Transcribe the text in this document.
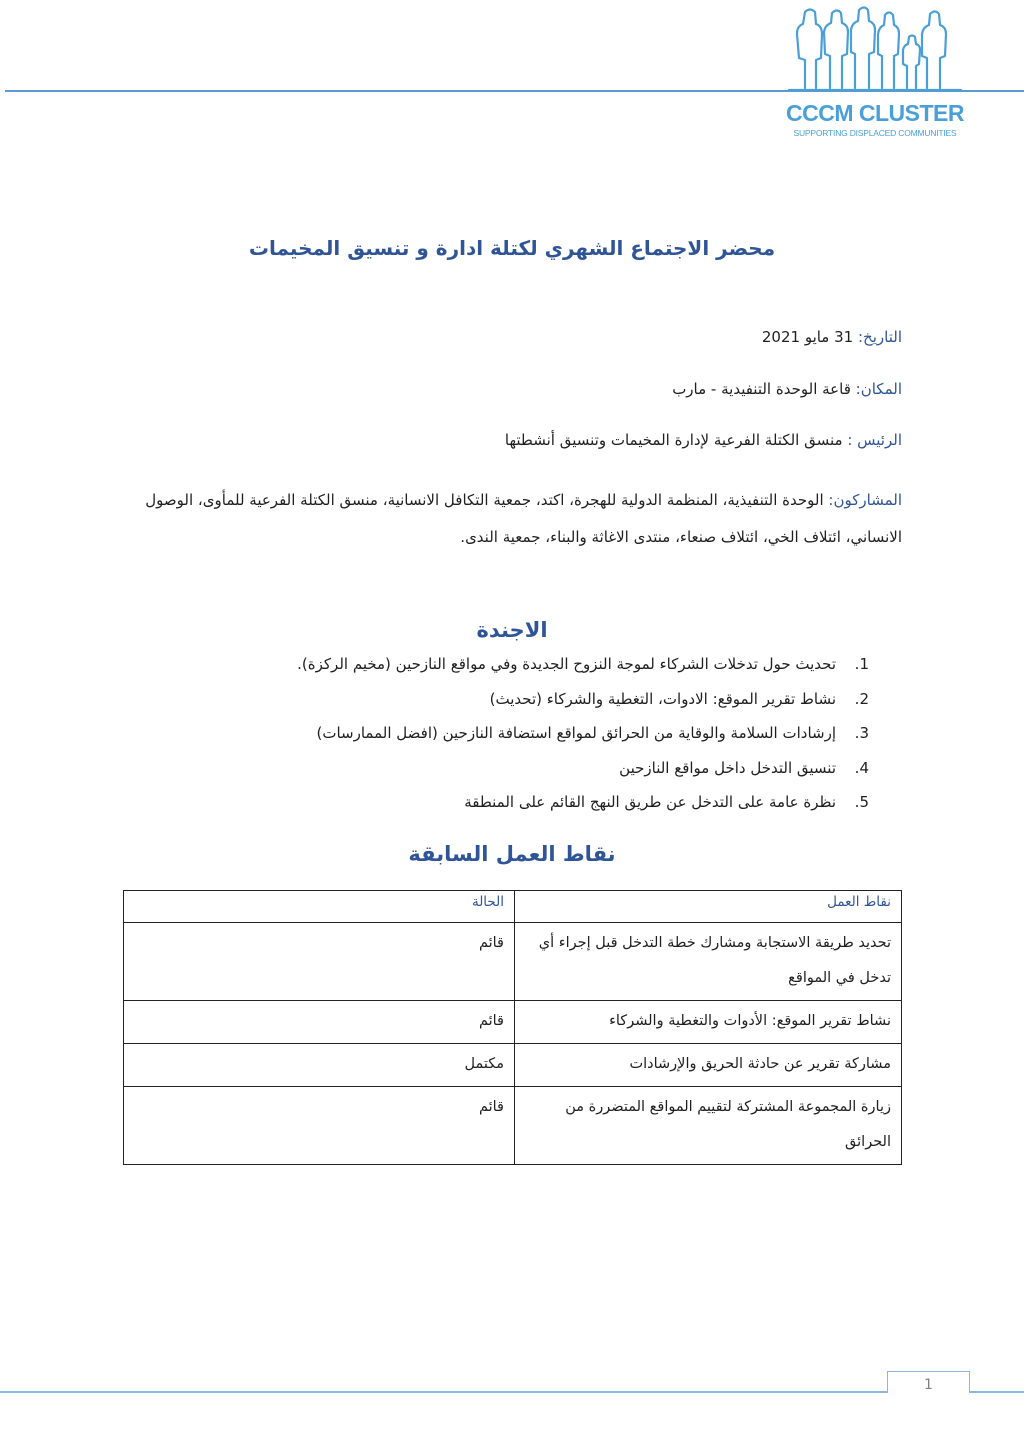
CCCM CLUSTER
SUPPORTING DISPLACED COMMUNITIES
محضر الاجتماع الشهري لكتلة ادارة و تنسيق المخيمات
التاريخ: 31 مايو 2021
المكان: قاعة الوحدة التنفيدية - مارب
الرئيس : منسق الكتلة الفرعية لإدارة المخيمات وتنسيق أنشطتها
المشاركون: الوحدة التنفيذية، المنظمة الدولية للهجرة، اكتد، جمعية التكافل الانسانية، منسق الكتلة الفرعية للمأوى، الوصول الانساني، ائتلاف الخي، ائتلاف صنعاء، منتدى الاغاثة والبناء، جمعية الندى.
الاجندة
1.
تحديث حول تدخلات الشركاء لموجة النزوح الجديدة وفي مواقع النازحين (مخيم الركزة).
2.
نشاط تقرير الموقع: الادوات، التغطية والشركاء (تحديث)
3.
إرشادات السلامة والوقاية من الحرائق لمواقع استضافة النازحين (افضل الممارسات)
4.
تنسيق التدخل داخل مواقع النازحين
5.
نظرة عامة على التدخل عن طريق النهج القائم على المنطقة
نقاط العمل السابقة
نقاط العمل	الحالة
تحديد طريقة الاستجابة ومشارك خطة التدخل قبل إجراء أي تدخل في المواقع	قائم
نشاط تقرير الموقع: الأدوات والتغطية والشركاء	قائم
مشاركة تقرير عن حادثة الحريق والإرشادات	مكتمل
زيارة المجموعة المشتركة لتقييم المواقع المتضررة من الحرائق	قائم
1
